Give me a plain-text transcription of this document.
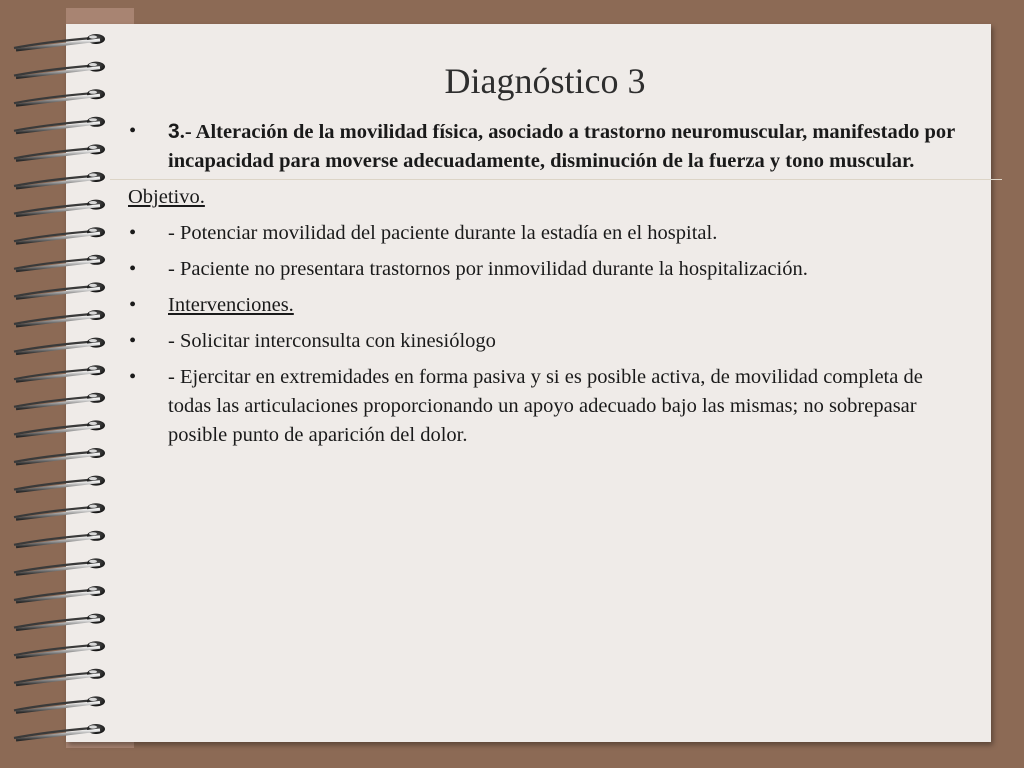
Diagnóstico 3
• 3.- Alteración de la movilidad física, asociado a trastorno neuromuscular, manifestado por incapacidad para moverse adecuadamente, disminución de la fuerza y tono muscular.
Objetivo.
• - Potenciar movilidad del paciente durante la estadía en el hospital.
• - Paciente no presentara trastornos por inmovilidad durante la hospitalización.
• Intervenciones.
• - Solicitar interconsulta con kinesiólogo
• - Ejercitar en extremidades en forma pasiva y si es posible activa, de movilidad completa de todas las articulaciones proporcionando un apoyo adecuado bajo las mismas; no sobrepasar posible punto de aparición del dolor.
